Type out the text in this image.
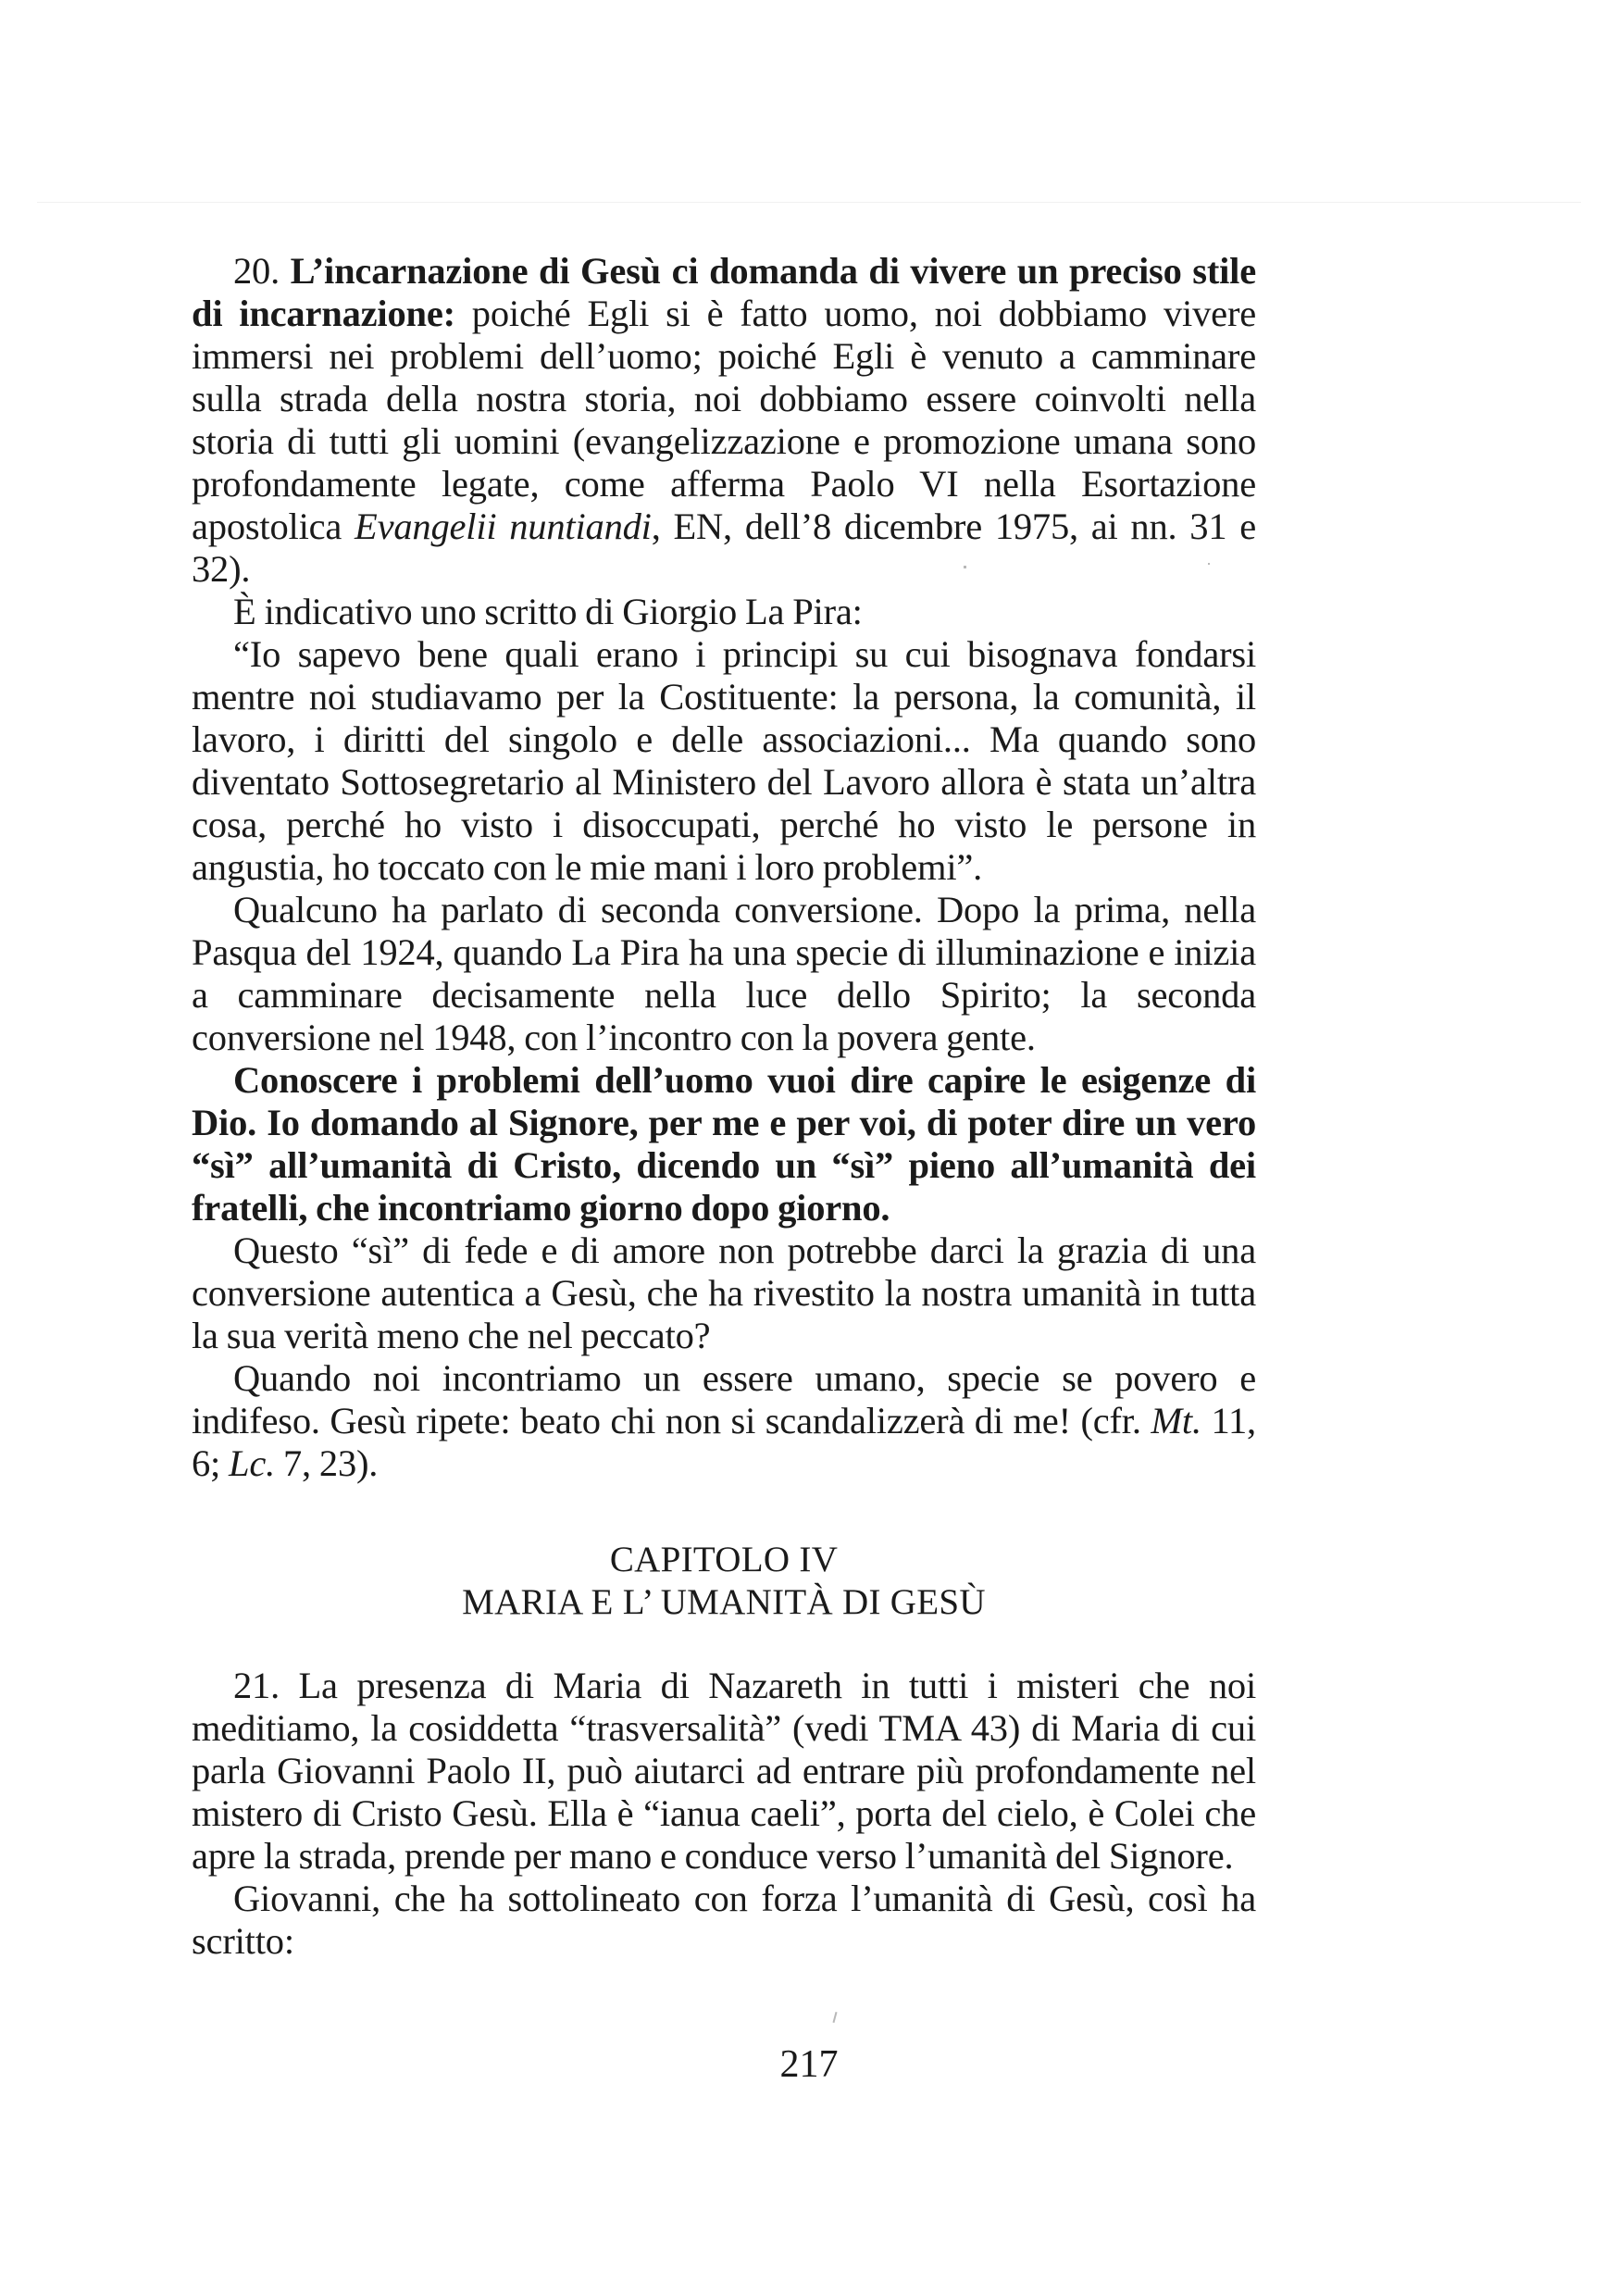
20. L’incarnazione di Gesù ci domanda di vivere un preciso stile di incarnazione: poiché Egli si è fatto uomo, noi dobbiamo vivere immersi nei problemi dell’uomo; poiché Egli è venuto a camminare sulla strada della nostra storia, noi dobbiamo essere coinvolti nella storia di tutti gli uomini (evangelizzazione e promozione umana sono profondamente legate, come afferma Paolo VI nella Esortazione apostolica Evangelii nuntiandi, EN, dell’8 dicembre 1975, ai nn. 31 e 32).

È indicativo uno scritto di Giorgio La Pira:

“Io sapevo bene quali erano i principi su cui bisognava fondarsi mentre noi studiavamo per la Costituente: la persona, la comunità, il lavoro, i diritti del singolo e delle associazioni... Ma quando sono diventato Sottosegretario al Ministero del Lavoro allora è stata un’altra cosa, perché ho visto i disoccupati, perché ho visto le persone in angustia, ho toccato con le mie mani i loro problemi”.

Qualcuno ha parlato di seconda conversione. Dopo la prima, nella Pasqua del 1924, quando La Pira ha una specie di illuminazione e inizia a camminare decisamente nella luce dello Spirito; la seconda conversione nel 1948, con l’incontro con la povera gente.

Conoscere i problemi dell’uomo vuoi dire capire le esigenze di Dio. Io domando al Signore, per me e per voi, di poter dire un vero “sì” all’umanità di Cristo, dicendo un “sì” pieno all’umanità dei fratelli, che incontriamo giorno dopo giorno.

Questo “sì” di fede e di amore non potrebbe darci la grazia di una conversione autentica a Gesù, che ha rivestito la nostra umanità in tutta la sua verità meno che nel peccato?

Quando noi incontriamo un essere umano, specie se povero e indifeso. Gesù ripete: beato chi non si scandalizzerà di me! (cfr. Mt. 11, 6; Lc. 7, 23).

CAPITOLO IV
MARIA E L’ UMANITÀ DI GESÙ

21. La presenza di Maria di Nazareth in tutti i misteri che noi meditiamo, la cosiddetta “trasversalità” (vedi TMA 43) di Maria di cui parla Giovanni Paolo II, può aiutarci ad entrare più profondamente nel mistero di Cristo Gesù. Ella è “ianua caeli”, porta del cielo, è Colei che apre la strada, prende per mano e conduce verso l’umanità del Signore.

Giovanni, che ha sottolineato con forza l’umanità di Gesù, così ha scritto:

217
